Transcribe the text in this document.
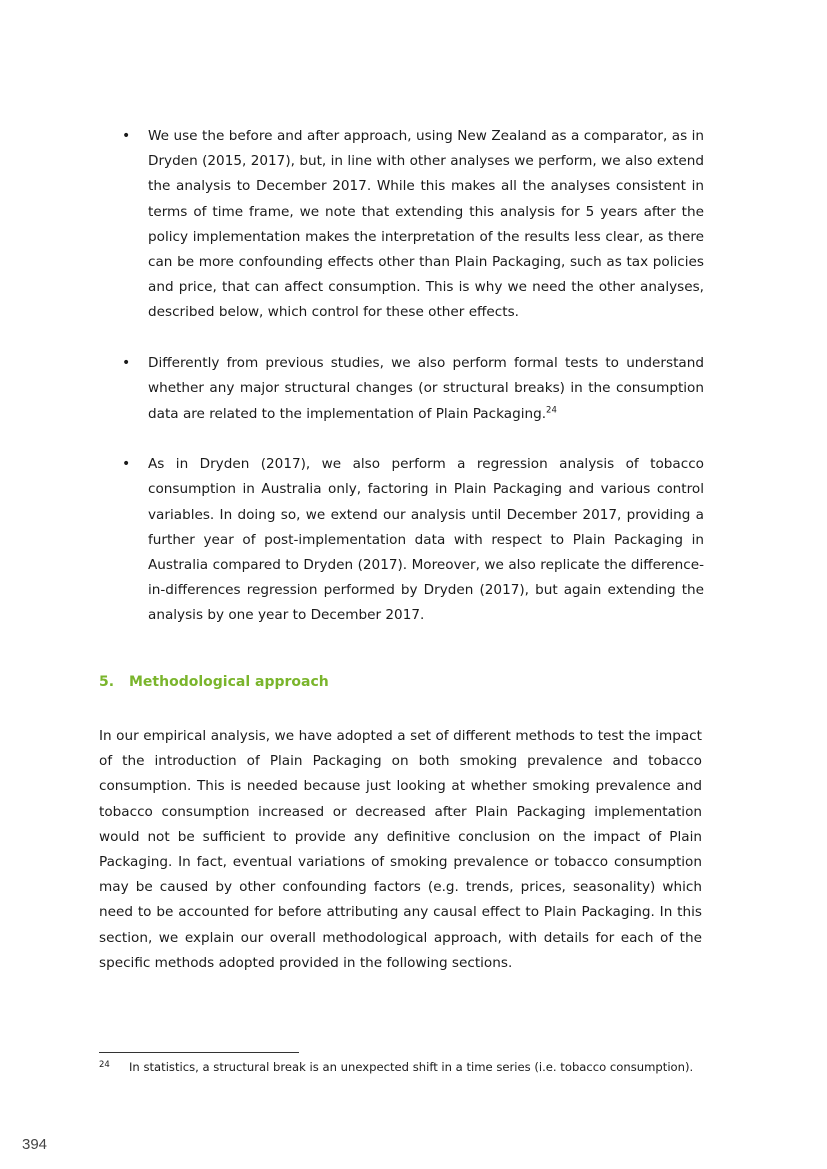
• We use the before and after approach, using New Zealand as a comparator, as in Dryden (2015, 2017), but, in line with other analyses we perform, we also extend the analysis to December 2017. While this makes all the analyses consistent in terms of time frame, we note that extending this analysis for 5 years after the policy implementation makes the interpretation of the results less clear, as there can be more confounding effects other than Plain Packaging, such as tax policies and price, that can affect consumption. This is why we need the other analyses, described below, which control for these other effects.
• Differently from previous studies, we also perform formal tests to understand whether any major structural changes (or structural breaks) in the consumption data are related to the implementation of Plain Packaging.$^{24}$
• As in Dryden (2017), we also perform a regression analysis of tobacco consumption in Australia only, factoring in Plain Packaging and various control variables. In doing so, we extend our analysis until December 2017, providing a further year of post-implementation data with respect to Plain Packaging in Australia compared to Dryden (2017). Moreover, we also replicate the difference-in-differences regression performed by Dryden (2017), but again extending the analysis by one year to December 2017.
5. Methodological approach

In our empirical analysis, we have adopted a set of different methods to test the impact of the introduction of Plain Packaging on both smoking prevalence and tobacco consumption. This is needed because just looking at whether smoking prevalence and tobacco consumption increased or decreased after Plain Packaging implementation would not be sufficient to provide any definitive conclusion on the impact of Plain Packaging. In fact, eventual variations of smoking prevalence or tobacco consumption may be caused by other confounding factors (e.g. trends, prices, seasonality) which need to be accounted for before attributing any causal effect to Plain Packaging. In this section, we explain our overall methodological approach, with details for each of the specific methods adopted provided in the following sections.

24 In statistics, a structural break is an unexpected shift in a time series (i.e. tobacco consumption).
394
